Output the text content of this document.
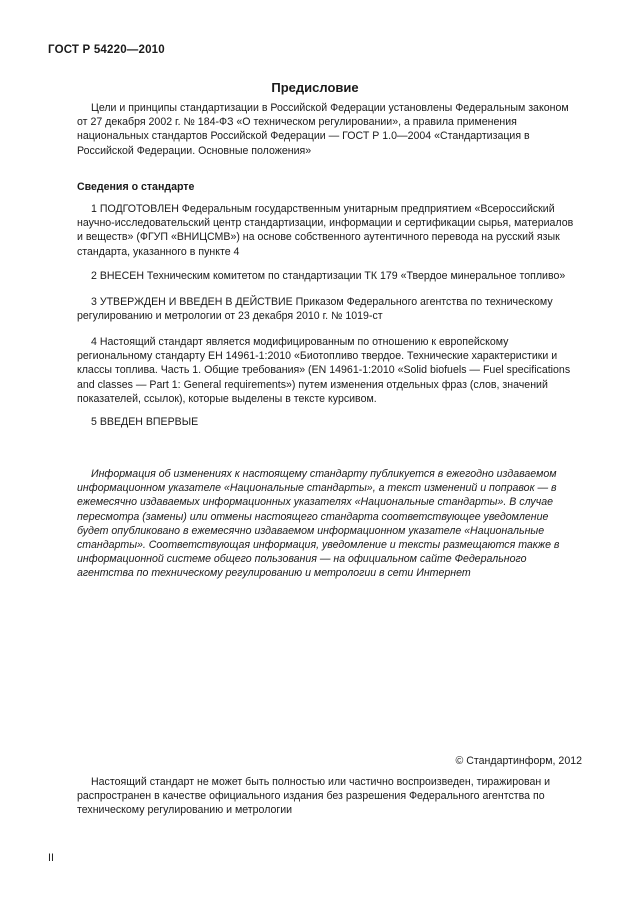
ГОСТ Р 54220—2010
Предисловие

Цели и принципы стандартизации в Российской Федерации установлены Федеральным законом от 27 декабря 2002 г. № 184-ФЗ «О техническом регулировании», а правила применения национальных стандартов Российской Федерации — ГОСТ Р 1.0—2004 «Стандартизация в Российской Федерации. Основные положения»

Сведения о стандарте

1 ПОДГОТОВЛЕН Федеральным государственным унитарным предприятием «Всероссийский научно-исследовательский центр стандартизации, информации и сертификации сырья, материалов и веществ» (ФГУП «ВНИЦСМВ») на основе собственного аутентичного перевода на русский язык стандарта, указанного в пункте 4

2 ВНЕСЕН Техническим комитетом по стандартизации ТК 179 «Твердое минеральное топливо»

3 УТВЕРЖДЕН И ВВЕДЕН В ДЕЙСТВИЕ Приказом Федерального агентства по техническому регулированию и метрологии от 23 декабря 2010 г. № 1019-ст

4 Настоящий стандарт является модифицированным по отношению к европейскому региональному стандарту ЕН 14961-1:2010 «Биотопливо твердое. Технические характеристики и классы топлива. Часть 1. Общие требования» (EN 14961-1:2010 «Solid biofuels — Fuel specifications and classes — Part 1: General requirements») путем изменения отдельных фраз (слов, значений показателей, ссылок), которые выделены в тексте курсивом.

5 ВВЕДЕН ВПЕРВЫЕ

Информация об изменениях к настоящему стандарту публикуется в ежегодно издаваемом информационном указателе «Национальные стандарты», а текст изменений и поправок — в ежемесячно издаваемых информационных указателях «Национальные стандарты». В случае пересмотра (замены) или отмены настоящего стандарта соответствующее уведомление будет опубликовано в ежемесячно издаваемом информационном указателе «Национальные стандарты». Соответствующая информация, уведомление и тексты размещаются также в информационной системе общего пользования — на официальном сайте Федерального агентства по техническому регулированию и метрологии в сети Интернет

© Стандартинформ, 2012

Настоящий стандарт не может быть полностью или частично воспроизведен, тиражирован и распространен в качестве официального издания без разрешения Федерального агентства по техническому регулированию и метрологии

II
